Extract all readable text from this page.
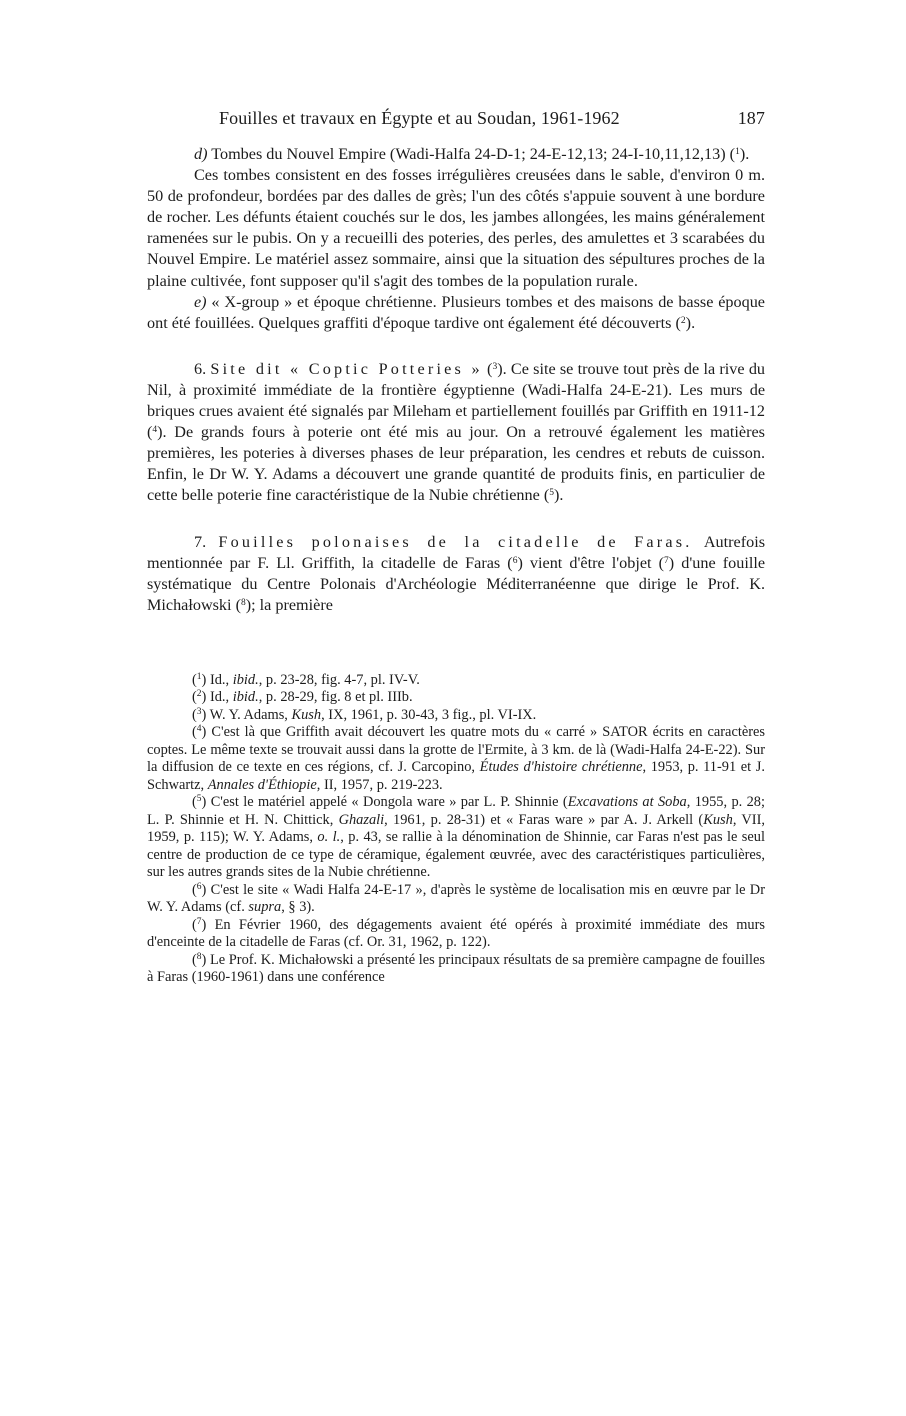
Fouilles et travaux en Égypte et au Soudan, 1961-1962	187

d) Tombes du Nouvel Empire (Wadi-Halfa 24-D-1; 24-E-12,13; 24-I-10,11,12,13) ($^1$).

Ces tombes consistent en des fosses irrégulières creusées dans le sable, d'environ 0 m. 50 de profondeur, bordées par des dalles de grès; l'un des côtés s'appuie souvent à une bordure de rocher. Les défunts étaient couchés sur le dos, les jambes allongées, les mains généralement ramenées sur le pubis. On y a recueilli des poteries, des perles, des amulettes et 3 scarabées du Nouvel Empire. Le matériel assez sommaire, ainsi que la situation des sépultures proches de la plaine cultivée, font supposer qu'il s'agit des tombes de la population rurale.

e) « X-group » et époque chrétienne. Plusieurs tombes et des maisons de basse époque ont été fouillées. Quelques graffiti d'époque tardive ont également été découverts ($^2$).

6. Site dit « Coptic Potteries » ($^3$). Ce site se trouve tout près de la rive du Nil, à proximité immédiate de la frontière égyptienne (Wadi-Halfa 24-E-21). Les murs de briques crues avaient été signalés par Mileham et partiellement fouillés par Griffith en 1911-12 ($^4$). De grands fours à poterie ont été mis au jour. On a retrouvé également les matières premières, les poteries à diverses phases de leur préparation, les cendres et rebuts de cuisson. Enfin, le Dr W. Y. Adams a découvert une grande quantité de produits finis, en particulier de cette belle poterie fine caractéristique de la Nubie chrétienne ($^5$).

7. Fouilles polonaises de la citadelle de Faras. Autrefois mentionnée par F. Ll. Griffith, la citadelle de Faras ($^6$) vient d'être l'objet ($^7$) d'une fouille systématique du Centre Polonais d'Archéologie Méditerranéenne que dirige le Prof. K. Michałowski ($^8$); la première

($^1$) Id., ibid., p. 23-28, fig. 4-7, pl. IV-V.

($^2$) Id., ibid., p. 28-29, fig. 8 et pl. IIIb.

($^3$) W. Y. Adams, Kush, IX, 1961, p. 30-43, 3 fig., pl. VI-IX.

($^4$) C'est là que Griffith avait découvert les quatre mots du « carré » SATOR écrits en caractères coptes. Le même texte se trouvait aussi dans la grotte de l'Ermite, à 3 km. de là (Wadi-Halfa 24-E-22). Sur la diffusion de ce texte en ces régions, cf. J. Carcopino, Études d'histoire chrétienne, 1953, p. 11-91 et J. Schwartz, Annales d'Éthiopie, II, 1957, p. 219-223.

($^5$) C'est le matériel appelé « Dongola ware » par L. P. Shinnie (Excavations at Soba, 1955, p. 28; L. P. Shinnie et H. N. Chittick, Ghazali, 1961, p. 28-31) et « Faras ware » par A. J. Arkell (Kush, VII, 1959, p. 115); W. Y. Adams, o. l., p. 43, se rallie à la dénomination de Shinnie, car Faras n'est pas le seul centre de production de ce type de céramique, également œuvrée, avec des caractéristiques particulières, sur les autres grands sites de la Nubie chrétienne.

($^6$) C'est le site « Wadi Halfa 24-E-17 », d'après le système de localisation mis en œuvre par le Dr W. Y. Adams (cf. supra, § 3).

($^7$) En Février 1960, des dégagements avaient été opérés à proximité immédiate des murs d'enceinte de la citadelle de Faras (cf. Or. 31, 1962, p. 122).

($^8$) Le Prof. K. Michałowski a présenté les principaux résultats de sa première campagne de fouilles à Faras (1960-1961) dans une conférence
